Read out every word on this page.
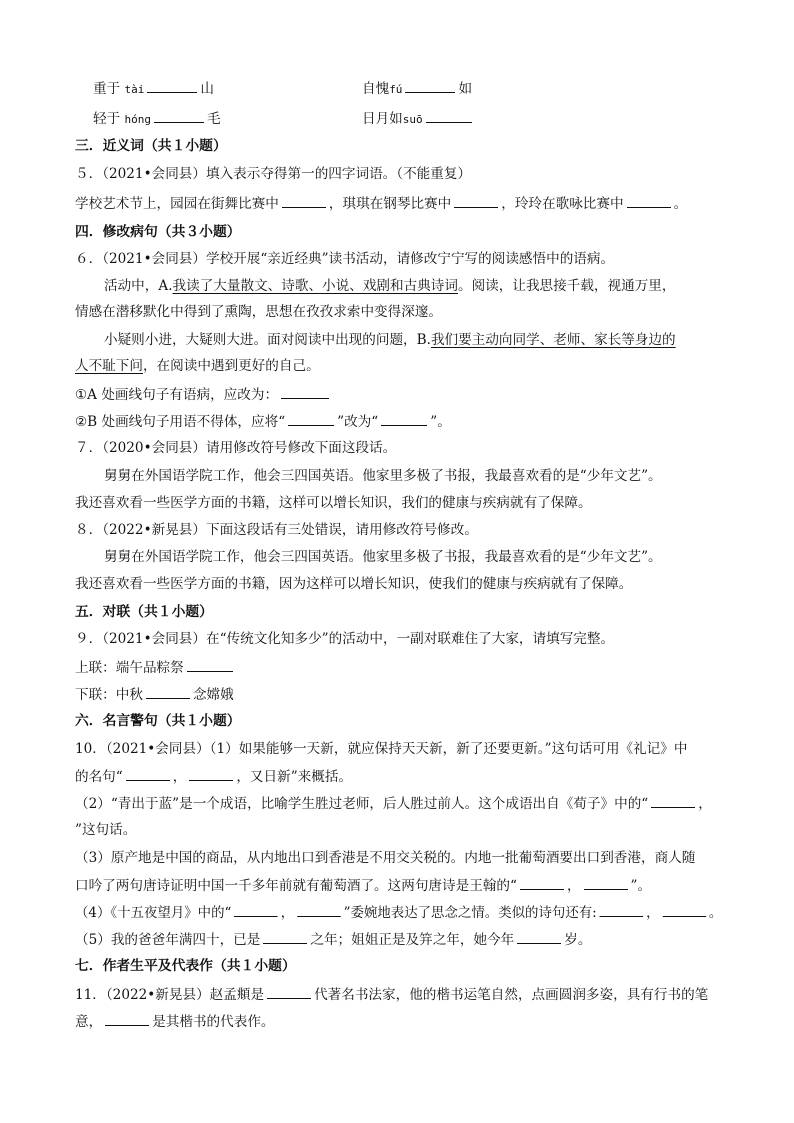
重于 tài	山	自愧fú	如
轻于 hóng	毛	日月如suō
三．近义词（共１小题）
５．（2021•会同县）填入表示夺得第一的四字词语。（不能重复）
学校艺术节上，园园在街舞比赛中	，琪琪在钢琴比赛中	，玲玲在歌咏比赛中	。
四．修改病句（共３小题）
６．（2021•会同县）学校开展“亲近经典”读书活动，请修改宁宁写的阅读感悟中的语病。
活动中，A.我读了大量散文、诗歌、小说、戏剧和古典诗词。阅读，让我思接千载，视通万里，
情感在潜移默化中得到了熏陶，思想在孜孜求索中变得深邃。
小疑则小进，大疑则大进。面对阅读中出现的问题，B.我们要主动向同学、老师、家长等身边的
人不耻下问，在阅读中遇到更好的自己。
①A 处画线句子有语病，应改为：
②B 处画线句子用语不得体，应将“	”改为“	”。
７．（2020•会同县）请用修改符号修改下面这段话。
舅舅在外国语学院工作，他会三四国英语。他家里多极了书报，我最喜欢看的是“少年文艺”。
我还喜欢看一些医学方面的书籍，这样可以增长知识，我们的健康与疾病就有了保障。
８．（2022•新晃县）下面这段话有三处错误，请用修改符号修改。
舅舅在外国语学院工作，他会三四国英语。他家里多极了书报，我最喜欢看的是“少年文艺”。
我还喜欢看一些医学方面的书籍，因为这样可以增长知识，使我们的健康与疾病就有了保障。
五．对联（共１小题）
９．（2021•会同县）在“传统文化知多少”的活动中，一副对联难住了大家，请填写完整。
上联：端午品粽祭
下联：中秋	念嫦娥
六．名言警句（共１小题）
10．（2021•会同县）（1）如果能够一天新，就应保持天天新，新了还要更新。”这句话可用《礼记》中
的名句“	，	，又日新”来概括。
（2）“青出于蓝”是一个成语，比喻学生胜过老师，后人胜过前人。这个成语出自《荀子》中的“	，
”这句话。
（3）原产地是中国的商品，从内地出口到香港是不用交关税的。内地一批葡萄酒要出口到香港，商人随
口吟了两句唐诗证明中国一千多年前就有葡萄酒了。这两句唐诗是王翰的“	，	”。
（4）《十五夜望月》中的“	，	”委婉地表达了思念之情。类似的诗句还有:	，	。
（5）我的爸爸年满四十，已是	之年；姐姐正是及笄之年，她今年	岁。
七．作者生平及代表作（共１小题）
11．（2022•新晃县）赵孟頫是	代著名书法家，他的楷书运笔自然，点画圆润多姿，具有行书的笔
意，	是其楷书的代表作。
